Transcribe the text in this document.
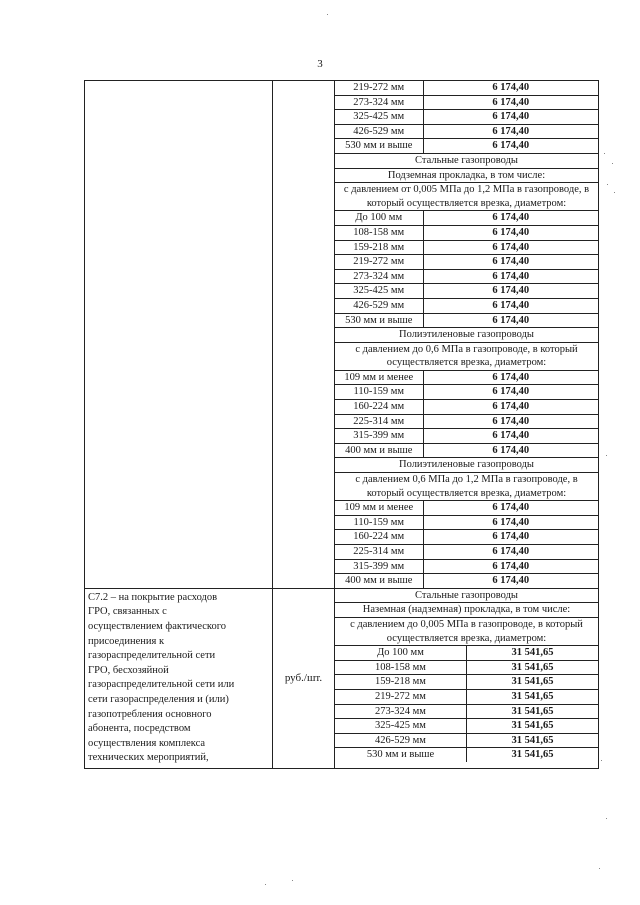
3

219-272 мм	6 174,40
273-324 мм	6 174,40
325-425 мм	6 174,40
426-529 мм	6 174,40
530 мм и выше	6 174,40
Стальные газопроводы
Подземная прокладка, в том числе:
с давлением от 0,005 МПа до 1,2 МПа в газопроводе, в который осуществляется врезка, диаметром:
До 100 мм	6 174,40
108-158 мм	6 174,40
159-218 мм	6 174,40
219-272 мм	6 174,40
273-324 мм	6 174,40
325-425 мм	6 174,40
426-529 мм	6 174,40
530 мм и выше	6 174,40
Полиэтиленовые газопроводы
с давлением до 0,6 МПа в газопроводе, в который осуществляется врезка, диаметром:
109 мм и менее	6 174,40
110-159 мм	6 174,40
160-224 мм	6 174,40
225-314 мм	6 174,40
315-399 мм	6 174,40
400 мм и выше	6 174,40
Полиэтиленовые газопроводы
с давлением 0,6 МПа до 1,2 МПа в газопроводе, в который осуществляется врезка, диаметром:
109 мм и менее	6 174,40
110-159 мм	6 174,40
160-224 мм	6 174,40
225-314 мм	6 174,40
315-399 мм	6 174,40
400 мм и выше	6 174,40

С7.2 – на покрытие расходов
ГРО, связанных с
осуществлением фактического
присоединения к
газораспределительной сети
ГРО, бесхозяйной
газораспределительной сети или
сети газораспределения и (или)
газопотребления основного
абонента, посредством
осуществления комплекса
технических мероприятий,
	руб./шт.	
Стальные газопроводы
Наземная (надземная) прокладка, в том числе:
с давлением до 0,005 МПа в газопроводе, в который осуществляется врезка, диаметром:
До 100 мм	31 541,65
108-158 мм	31 541,65
159-218 мм	31 541,65
219-272 мм	31 541,65
273-324 мм	31 541,65
325-425 мм	31 541,65
426-529 мм	31 541,65
530 мм и выше	31 541,65
